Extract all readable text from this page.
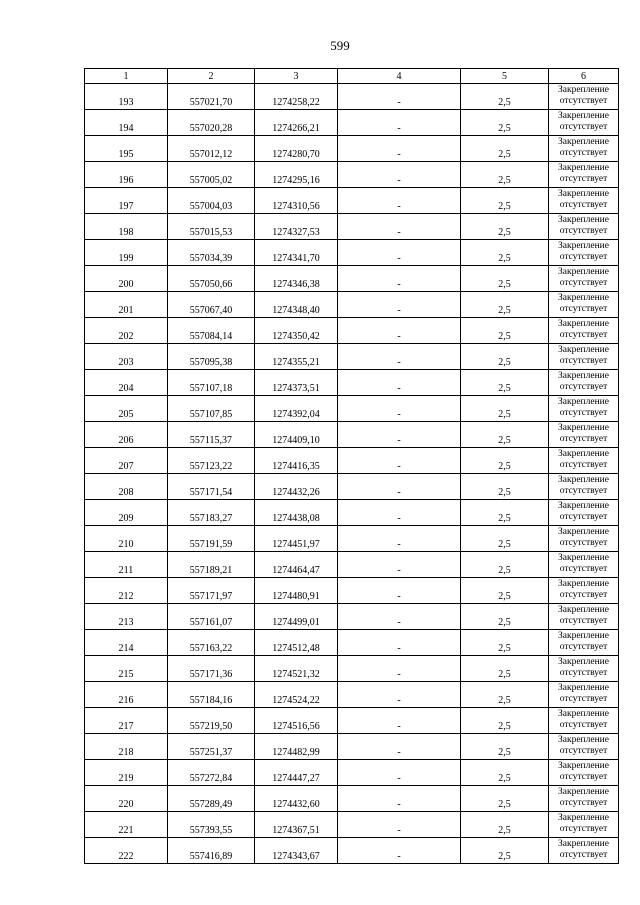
599
1	2	3	4	5	6
193	557021,70	1274258,22	-	2,5	Закрепление отсутствует
194	557020,28	1274266,21	-	2,5	Закрепление отсутствует
195	557012,12	1274280,70	-	2,5	Закрепление отсутствует
196	557005,02	1274295,16	-	2,5	Закрепление отсутствует
197	557004,03	1274310,56	-	2,5	Закрепление отсутствует
198	557015,53	1274327,53	-	2,5	Закрепление отсутствует
199	557034,39	1274341,70	-	2,5	Закрепление отсутствует
200	557050,66	1274346,38	-	2,5	Закрепление отсутствует
201	557067,40	1274348,40	-	2,5	Закрепление отсутствует
202	557084,14	1274350,42	-	2,5	Закрепление отсутствует
203	557095,38	1274355,21	-	2,5	Закрепление отсутствует
204	557107,18	1274373,51	-	2,5	Закрепление отсутствует
205	557107,85	1274392,04	-	2,5	Закрепление отсутствует
206	557115,37	1274409,10	-	2,5	Закрепление отсутствует
207	557123,22	1274416,35	-	2,5	Закрепление отсутствует
208	557171,54	1274432,26	-	2,5	Закрепление отсутствует
209	557183,27	1274438,08	-	2,5	Закрепление отсутствует
210	557191,59	1274451,97	-	2,5	Закрепление отсутствует
211	557189,21	1274464,47	-	2,5	Закрепление отсутствует
212	557171,97	1274480,91	-	2,5	Закрепление отсутствует
213	557161,07	1274499,01	-	2,5	Закрепление отсутствует
214	557163,22	1274512,48	-	2,5	Закрепление отсутствует
215	557171,36	1274521,32	-	2,5	Закрепление отсутствует
216	557184,16	1274524,22	-	2,5	Закрепление отсутствует
217	557219,50	1274516,56	-	2,5	Закрепление отсутствует
218	557251,37	1274482,99	-	2,5	Закрепление отсутствует
219	557272,84	1274447,27	-	2,5	Закрепление отсутствует
220	557289,49	1274432,60	-	2,5	Закрепление отсутствует
221	557393,55	1274367,51	-	2,5	Закрепление отсутствует
222	557416,89	1274343,67	-	2,5	Закрепление отсутствует
